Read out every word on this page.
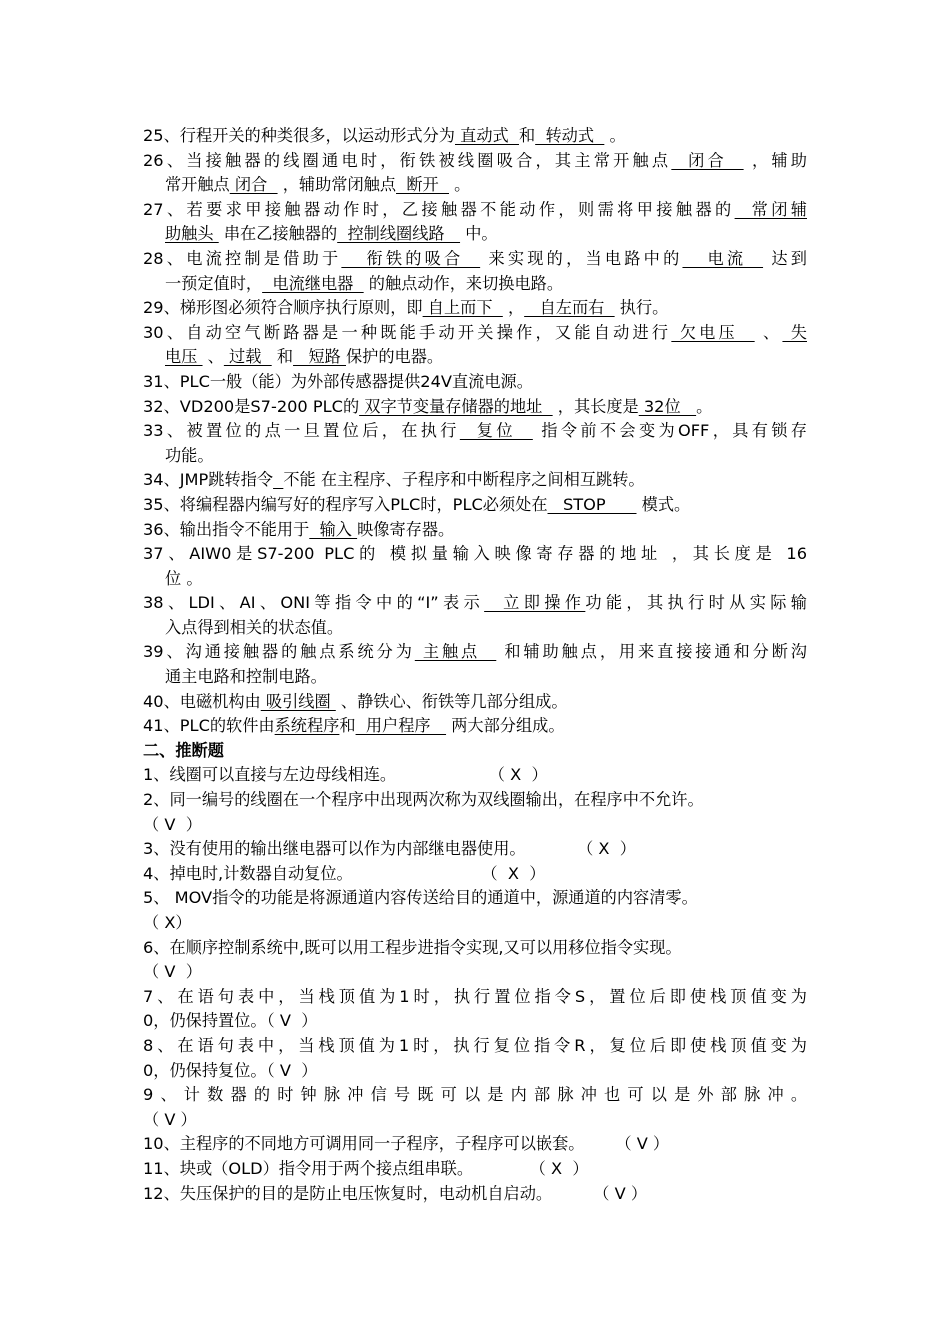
25、行程开关的种类很多，以运动形式分为 直动式  和  转动式   。
26、当接触器的线圈通电时，衔铁被线圈吸合，其主常开触点  闭合   ，辅助
常开触点 闭合   ，辅助常闭触点  断开   。
27、若要求甲接触器动作时，乙接触器不能动作，则需将甲接触器的  常闭辅
助触头  串在乙接触器的  控制线圈线路    中。
28、电流控制是借助于   衔铁的吸合   来实现的，当电路中的   电流   达到
一预定值时，  电流继电器   的触点动作，来切换电路。
29、梯形图必须符合顺序执行原则，即 自上而下   ，   自左而右   执行。
30、自动空气断路器是一种既能手动开关操作，又能自动进行 欠电压   、 失
电压  、 过载   和   短路 保护的电器。
31、PLC一般（能）为外部传感器提供24V直流电源。
32、VD200是S7-200 PLC的 双字节变量存储器的地址   ，其长度是 32位   。
33、被置位的点一旦置位后，在执行  复位   指令前不会变为OFF，具有锁存
功能。
34、JMP跳转指令 不能 在主程序、子程序和中断程序之间相互跳转。
35、将编程器内编写好的程序写入PLC时，PLC必须处在   STOP       模式。
36、输出指令不能用于  输入 映像寄存器。
37、AIW0是S7-200 PLC的 模拟量输入映像寄存器的地址 ，其长度是 16
位 。
38、LDI、AI、ONI等指令中的“I”表示  立即操作功能，其执行时从实际输
入点得到相关的状态值。
39、沟通接触器的触点系统分为 主触点   和辅助触点，用来直接接通和分断沟
通主电路和控制电路。
40、电磁机构由 吸引线圈  、静铁心、衔铁等几部分组成。
41、PLC的软件由系统程序和  用户程序    两大部分组成。
二、推断题
1、线圈可以直接与左边母线相连。	（ X  ）
2、同一编号的线圈在一个程序中出现两次称为双线圈输出，在程序中不允许。
（ V  ）
3、没有使用的输出继电器可以作为内部继电器使用。	（ X  ）
4、掉电时,计数器自动复位。	（  X  ）
5、 MOV指令的功能是将源通道内容传送给目的通道中，源通道的内容清零。
（ X）
6、在顺序控制系统中,既可以用工程步进指令实现,又可以用移位指令实现。
（ V  ）
7、在语句表中，当栈顶值为1时，执行置位指令S，置位后即使栈顶值变为
0，仍保持置位。（ V  ）
8、在语句表中，当栈顶值为1时，执行复位指令R，复位后即使栈顶值变为
0，仍保持复位。（ V  ）
9、计数器的时钟脉冲信号既可以是内部脉冲也可以是外部脉冲。
（ V ）
10、主程序的不同地方可调用同一子程序，子程序可以嵌套。 （ V ）
11、块或（OLD）指令用于两个接点组串联。	（ X  ）
12、失压保护的目的是防止电压恢复时，电动机自启动。	（ V ）
